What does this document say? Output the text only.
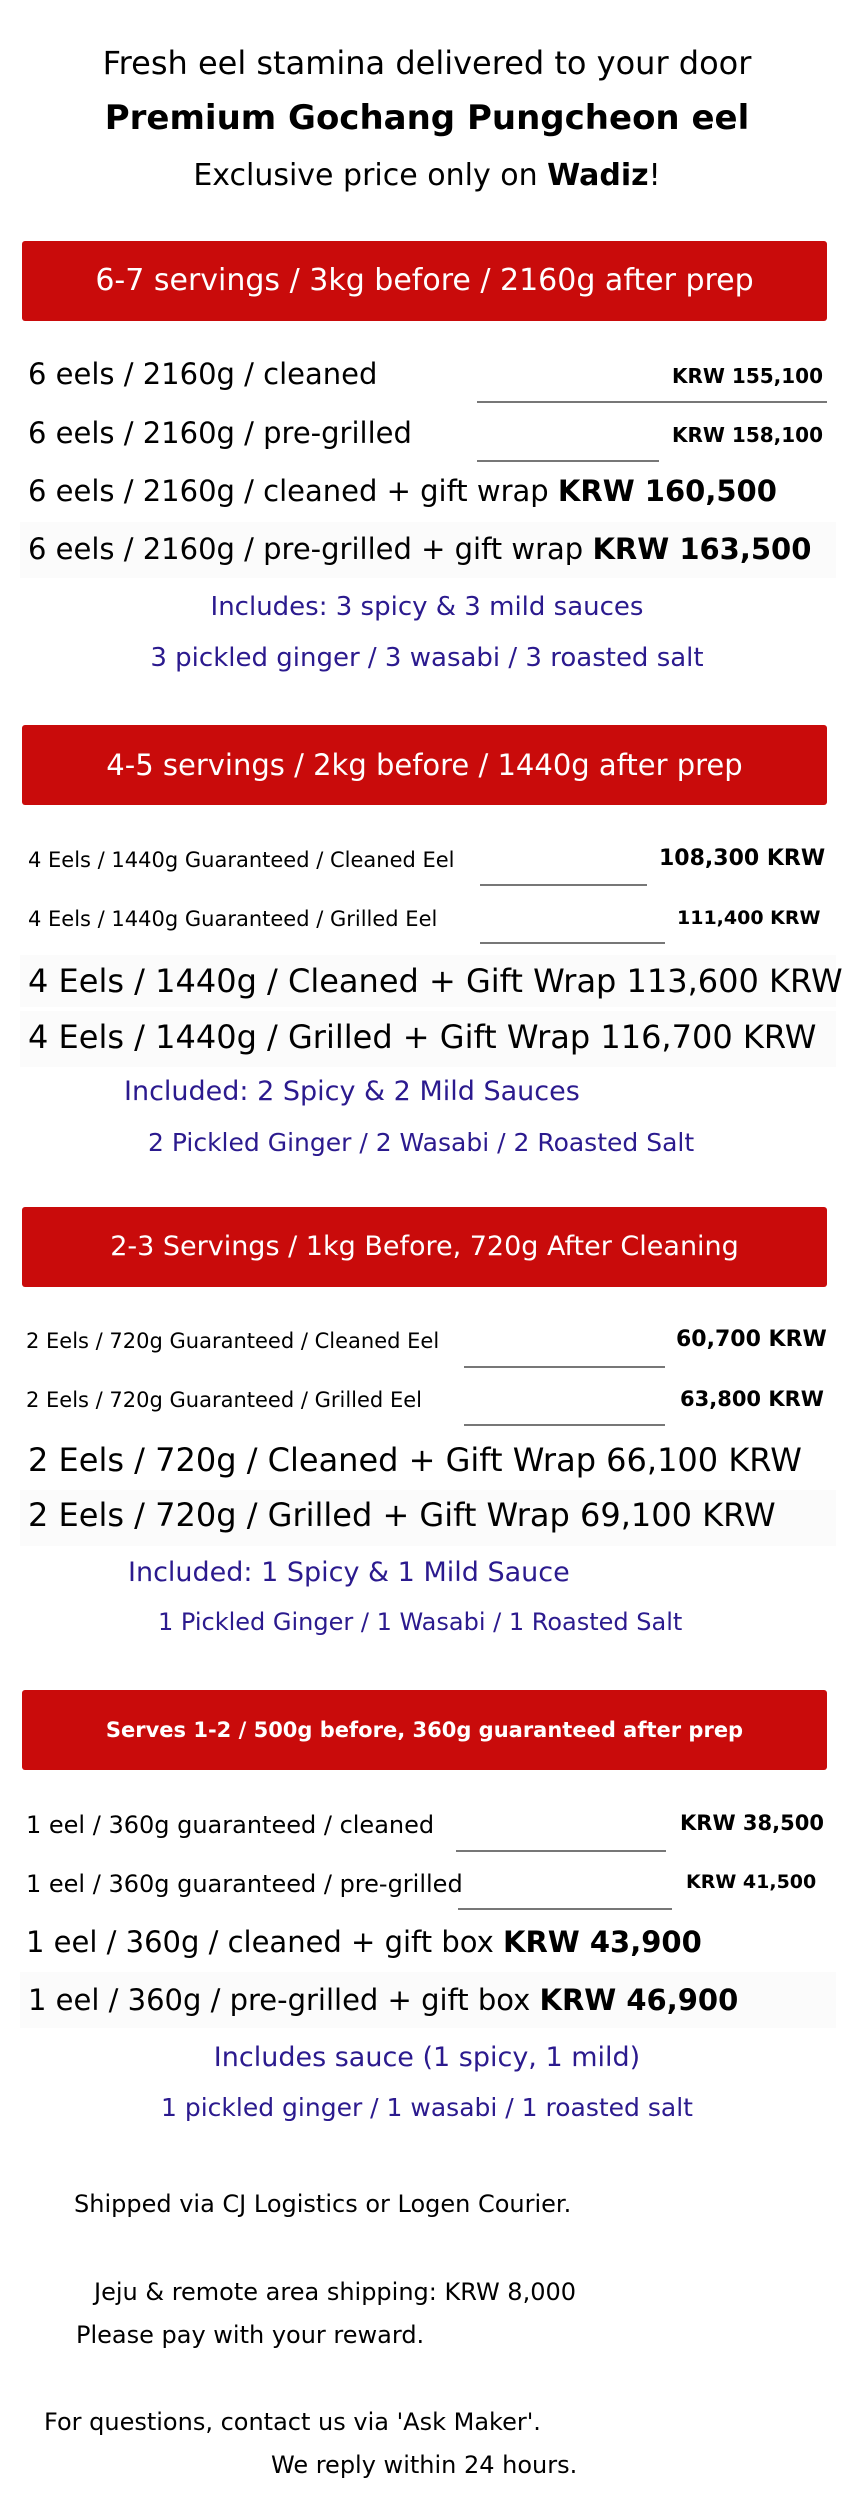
Fresh eel stamina delivered to your door
Premium Gochang Pungcheon eel
Exclusive price only on Wadiz!
6-7 servings / 3kg before / 2160g after prep
6 eels / 2160g / cleaned	KRW 155,100
6 eels / 2160g / pre-grilled	KRW 158,100
6 eels / 2160g / cleaned + gift wrap KRW 160,500
6 eels / 2160g / pre-grilled + gift wrap KRW 163,500
Includes: 3 spicy & 3 mild sauces
3 pickled ginger / 3 wasabi / 3 roasted salt
4-5 servings / 2kg before / 1440g after prep
4 Eels / 1440g Guaranteed / Cleaned Eel	108,300 KRW
4 Eels / 1440g Guaranteed / Grilled Eel	111,400 KRW
4 Eels / 1440g / Cleaned + Gift Wrap 113,600 KRW
4 Eels / 1440g / Grilled + Gift Wrap 116,700 KRW
Included: 2 Spicy & 2 Mild Sauces
2 Pickled Ginger / 2 Wasabi / 2 Roasted Salt
2-3 Servings / 1kg Before, 720g After Cleaning
2 Eels / 720g Guaranteed / Cleaned Eel	60,700 KRW
2 Eels / 720g Guaranteed / Grilled Eel	63,800 KRW
2 Eels / 720g / Cleaned + Gift Wrap 66,100 KRW
2 Eels / 720g / Grilled + Gift Wrap 69,100 KRW
Included: 1 Spicy & 1 Mild Sauce
1 Pickled Ginger / 1 Wasabi / 1 Roasted Salt
Serves 1-2 / 500g before, 360g guaranteed after prep
1 eel / 360g guaranteed / cleaned	KRW 38,500
1 eel / 360g guaranteed / pre-grilled	KRW 41,500
1 eel / 360g / cleaned + gift box KRW 43,900
1 eel / 360g / pre-grilled + gift box KRW 46,900
Includes sauce (1 spicy, 1 mild)
1 pickled ginger / 1 wasabi / 1 roasted salt
Shipped via CJ Logistics or Logen Courier.
Jeju & remote area shipping: KRW 8,000
Please pay with your reward.
For questions, contact us via 'Ask Maker'.
We reply within 24 hours.
